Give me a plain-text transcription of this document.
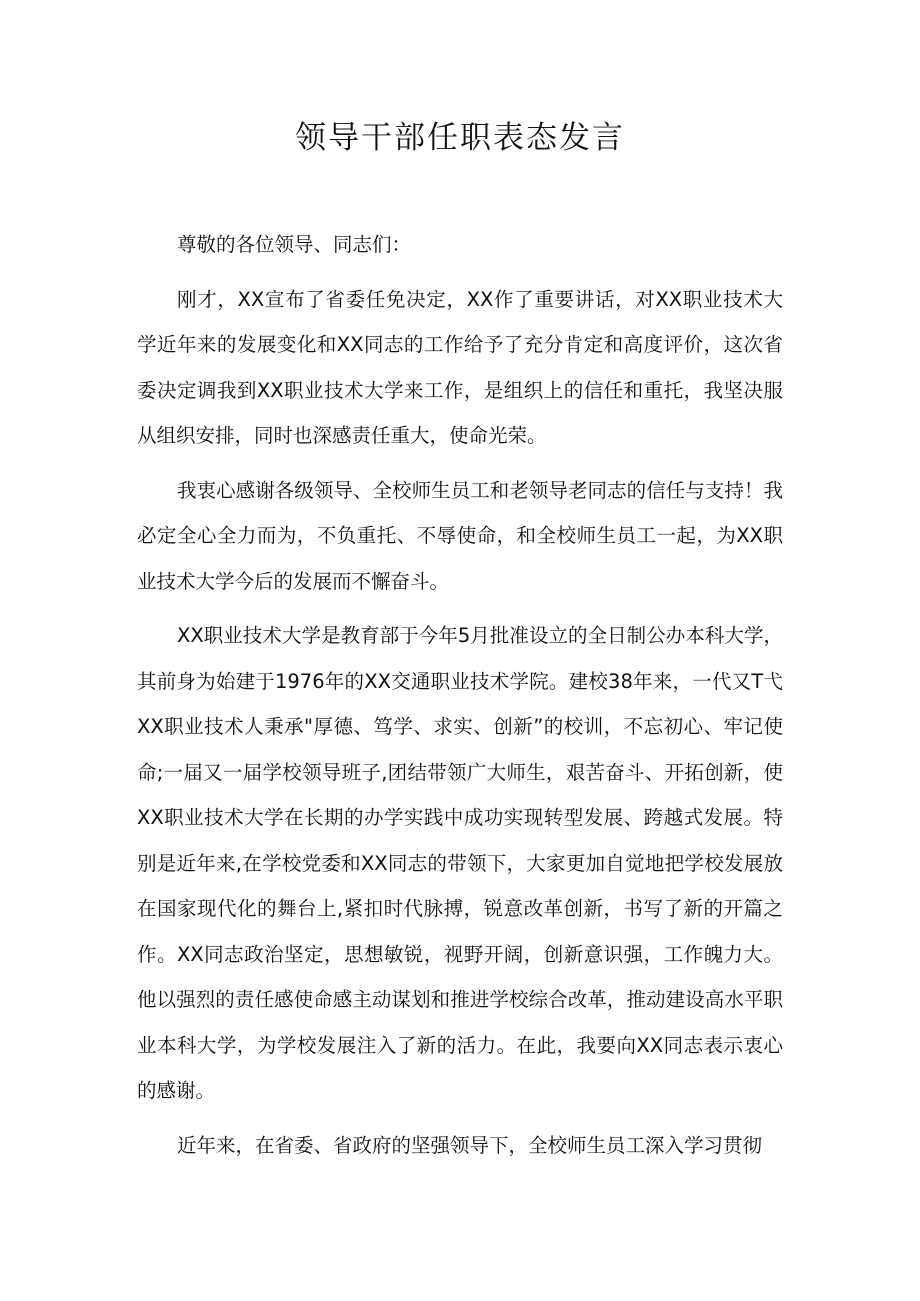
领导干部任职表态发言

尊敬的各位领导、同志们：

刚才，XX宣布了省委任免决定，XX作了重要讲话，对XX职业技术大学近年来的发展变化和XX同志的工作给予了充分肯定和高度评价，这次省委决定调我到XX职业技术大学来工作，是组织上的信任和重托，我坚决服从组织安排，同时也深感责任重大，使命光荣。

我衷心感谢各级领导、全校师生员工和老领导老同志的信任与支持！我必定全心全力而为，不负重托、不辱使命，和全校师生员工一起，为XX职业技术大学今后的发展而不懈奋斗。

XX职业技术大学是教育部于今年5月批准设立的全日制公办本科大学，其前身为始建于1976年的XX交通职业技术学院。建校38年来，一代又T弋XX职业技术人秉承"厚德、笃学、求实、创新”的校训，不忘初心、牢记使命;一届又一届学校领导班子,团结带领广大师生，艰苦奋斗、开拓创新，使XX职业技术大学在长期的办学实践中成功实现转型发展、跨越式发展。特别是近年来,在学校党委和XX同志的带领下，大家更加自觉地把学校发展放在国家现代化的舞台上,紧扣时代脉搏，锐意改革创新，书写了新的开篇之作。XX同志政治坚定，思想敏锐，视野开阔，创新意识强，工作魄力大。他以强烈的责任感使命感主动谋划和推进学校综合改革，推动建设高水平职业本科大学，为学校发展注入了新的活力。在此，我要向XX同志表示衷心的感谢。

近年来，在省委、省政府的坚强领导下，全校师生员工深入学习贯彻
